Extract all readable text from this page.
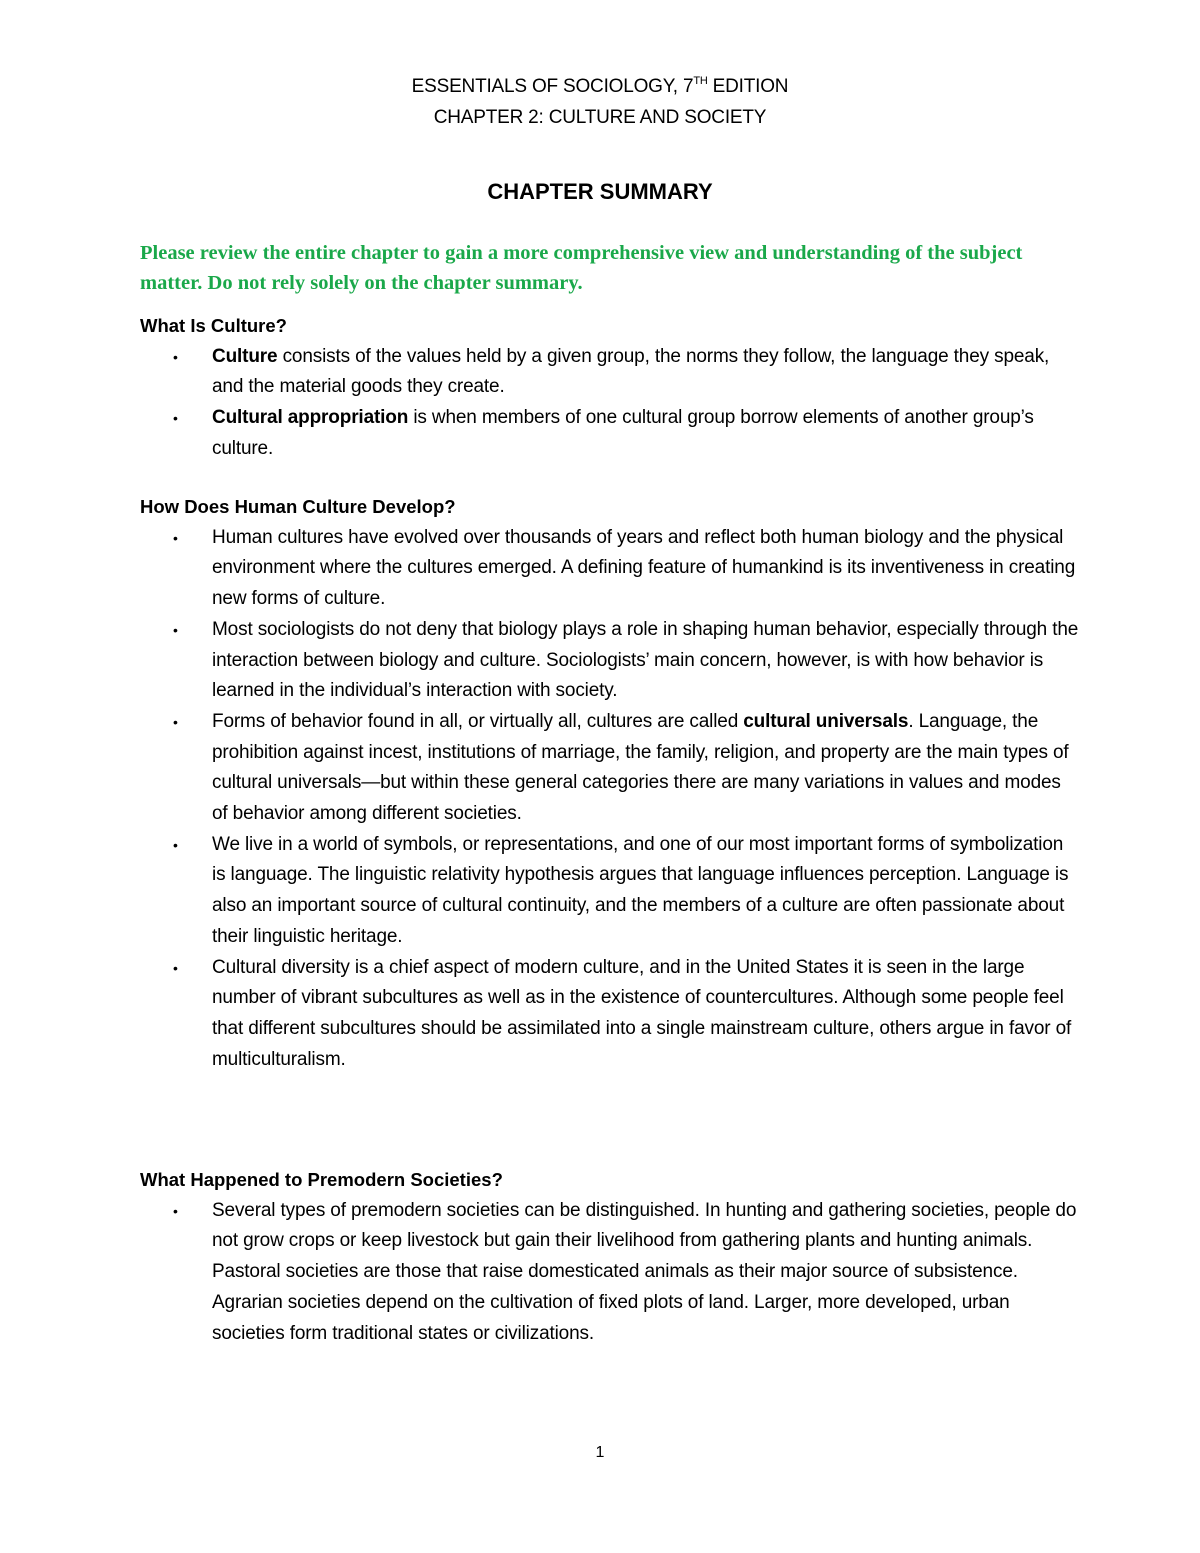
ESSENTIALS OF SOCIOLOGY, 7TH EDITION
CHAPTER 2: CULTURE AND SOCIETY
CHAPTER SUMMARY
Please review the entire chapter to gain a more comprehensive view and understanding of the subject matter. Do not rely solely on the chapter summary.
What Is Culture?
• Culture consists of the values held by a given group, the norms they follow, the language they speak, and the material goods they create.
• Cultural appropriation is when members of one cultural group borrow elements of another group’s culture.
How Does Human Culture Develop?
• Human cultures have evolved over thousands of years and reflect both human biology and the physical environment where the cultures emerged. A defining feature of humankind is its inventiveness in creating new forms of culture.
• Most sociologists do not deny that biology plays a role in shaping human behavior, especially through the interaction between biology and culture. Sociologists’ main concern, however, is with how behavior is learned in the individual’s interaction with society.
• Forms of behavior found in all, or virtually all, cultures are called cultural universals. Language, the prohibition against incest, institutions of marriage, the family, religion, and property are the main types of cultural universals—but within these general categories there are many variations in values and modes of behavior among different societies.
• We live in a world of symbols, or representations, and one of our most important forms of symbolization is language. The linguistic relativity hypothesis argues that language influences perception. Language is also an important source of cultural continuity, and the members of a culture are often passionate about their linguistic heritage.
• Cultural diversity is a chief aspect of modern culture, and in the United States it is seen in the large number of vibrant subcultures as well as in the existence of countercultures. Although some people feel that different subcultures should be assimilated into a single mainstream culture, others argue in favor of multiculturalism.
What Happened to Premodern Societies?
• Several types of premodern societies can be distinguished. In hunting and gathering societies, people do not grow crops or keep livestock but gain their livelihood from gathering plants and hunting animals. Pastoral societies are those that raise domesticated animals as their major source of subsistence. Agrarian societies depend on the cultivation of fixed plots of land. Larger, more developed, urban societies form traditional states or civilizations.
1
